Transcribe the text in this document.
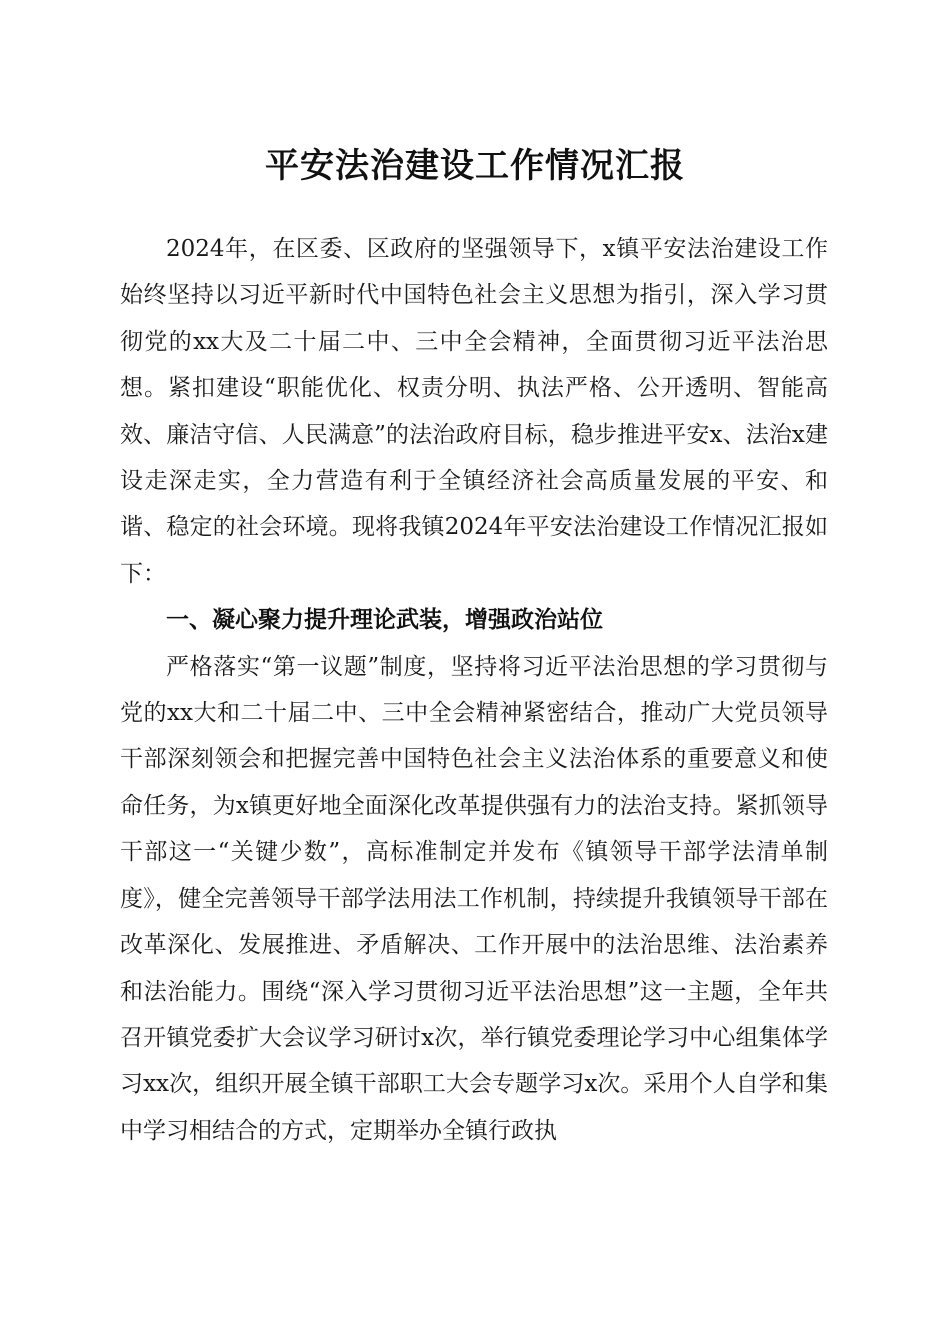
平安法治建设工作情况汇报

2024年，在区委、区政府的坚强领导下，x镇平安法治建设工作始终坚持以习近平新时代中国特色社会主义思想为指引，深入学习贯彻党的xx大及二十届二中、三中全会精神，全面贯彻习近平法治思想。紧扣建设“职能优化、权责分明、执法严格、公开透明、智能高效、廉洁守信、人民满意”的法治政府目标，稳步推进平安x、法治x建设走深走实，全力营造有利于全镇经济社会高质量发展的平安、和谐、稳定的社会环境。现将我镇2024年平安法治建设工作情况汇报如下：

一、凝心聚力提升理论武装，增强政治站位

严格落实“第一议题”制度，坚持将习近平法治思想的学习贯彻与党的xx大和二十届二中、三中全会精神紧密结合，推动广大党员领导干部深刻领会和把握完善中国特色社会主义法治体系的重要意义和使命任务，为x镇更好地全面深化改革提供强有力的法治支持。紧抓领导干部这一“关键少数”，高标准制定并发布《镇领导干部学法清单制度》，健全完善领导干部学法用法工作机制，持续提升我镇领导干部在改革深化、发展推进、矛盾解决、工作开展中的法治思维、法治素养和法治能力。围绕“深入学习贯彻习近平法治思想”这一主题，全年共召开镇党委扩大会议学习研讨x次，举行镇党委理论学习中心组集体学习xx次，组织开展全镇干部职工大会专题学习x次。采用个人自学和集中学习相结合的方式，定期举办全镇行政执
